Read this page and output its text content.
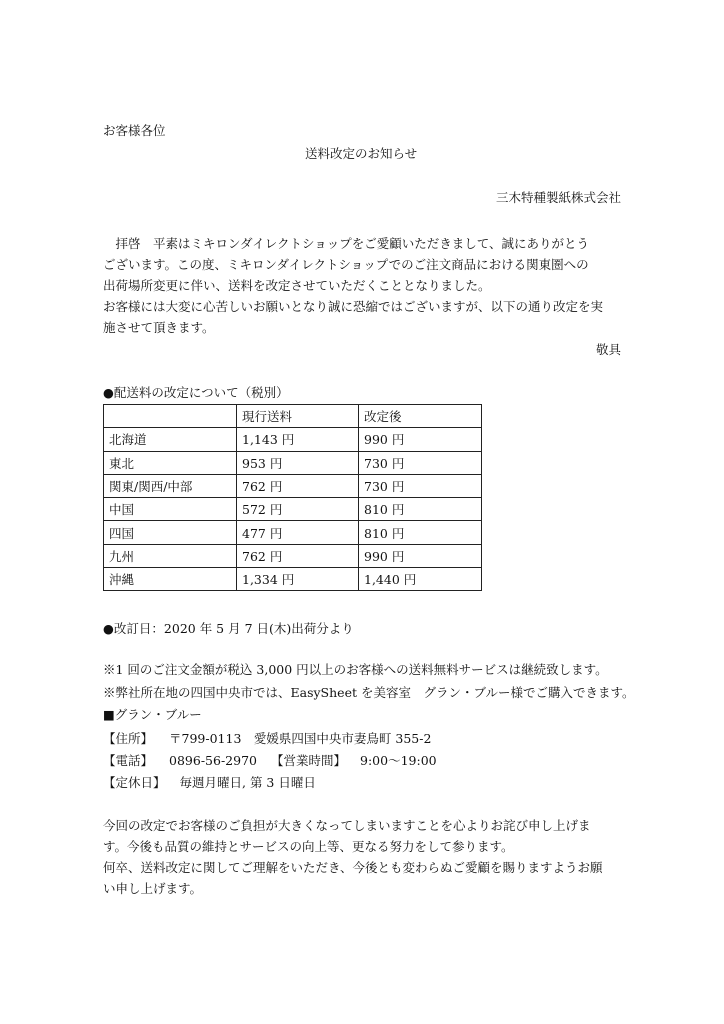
お客様各位
送料改定のお知らせ
三木特種製紙株式会社
　拝啓　平素はミキロンダイレクトショップをご愛顧いただきまして、誠にありがとう
ございます。この度、ミキロンダイレクトショップでのご注文商品における関東圏への
出荷場所変更に伴い、送料を改定させていただくこととなりました。
お客様には大変に心苦しいお願いとなり誠に恐縮ではございますが、以下の通り改定を実
施させて頂きます。
敬具
●配送料の改定について（税別）
	現行送料	改定後
北海道	1,143 円	990 円
東北	953 円	730 円
関東/関西/中部	762 円	730 円
中国	572 円	810 円
四国	477 円	810 円
九州	762 円	990 円
沖縄	1,334 円	1,440 円
●改訂日：2020 年 5 月 7 日(木)出荷分より
※1 回のご注文金額が税込 3,000 円以上のお客様への送料無料サービスは継続致します。
※弊社所在地の四国中央市では、EasySheet を美容室　グラン・ブルー様でご購入できます。
■グラン・ブルー
【住所】 〒799-0113　愛媛県四国中央市妻鳥町 355-2
【電話】 0896-56-2970 【営業時間】 9:00～19:00
【定休日】 毎週月曜日, 第 3 日曜日
今回の改定でお客様のご負担が大きくなってしまいますことを心よりお詫び申し上げま
す。今後も品質の維持とサービスの向上等、更なる努力をして参ります。
何卒、送料改定に関してご理解をいただき、今後とも変わらぬご愛顧を賜りますようお願
い申し上げます。
